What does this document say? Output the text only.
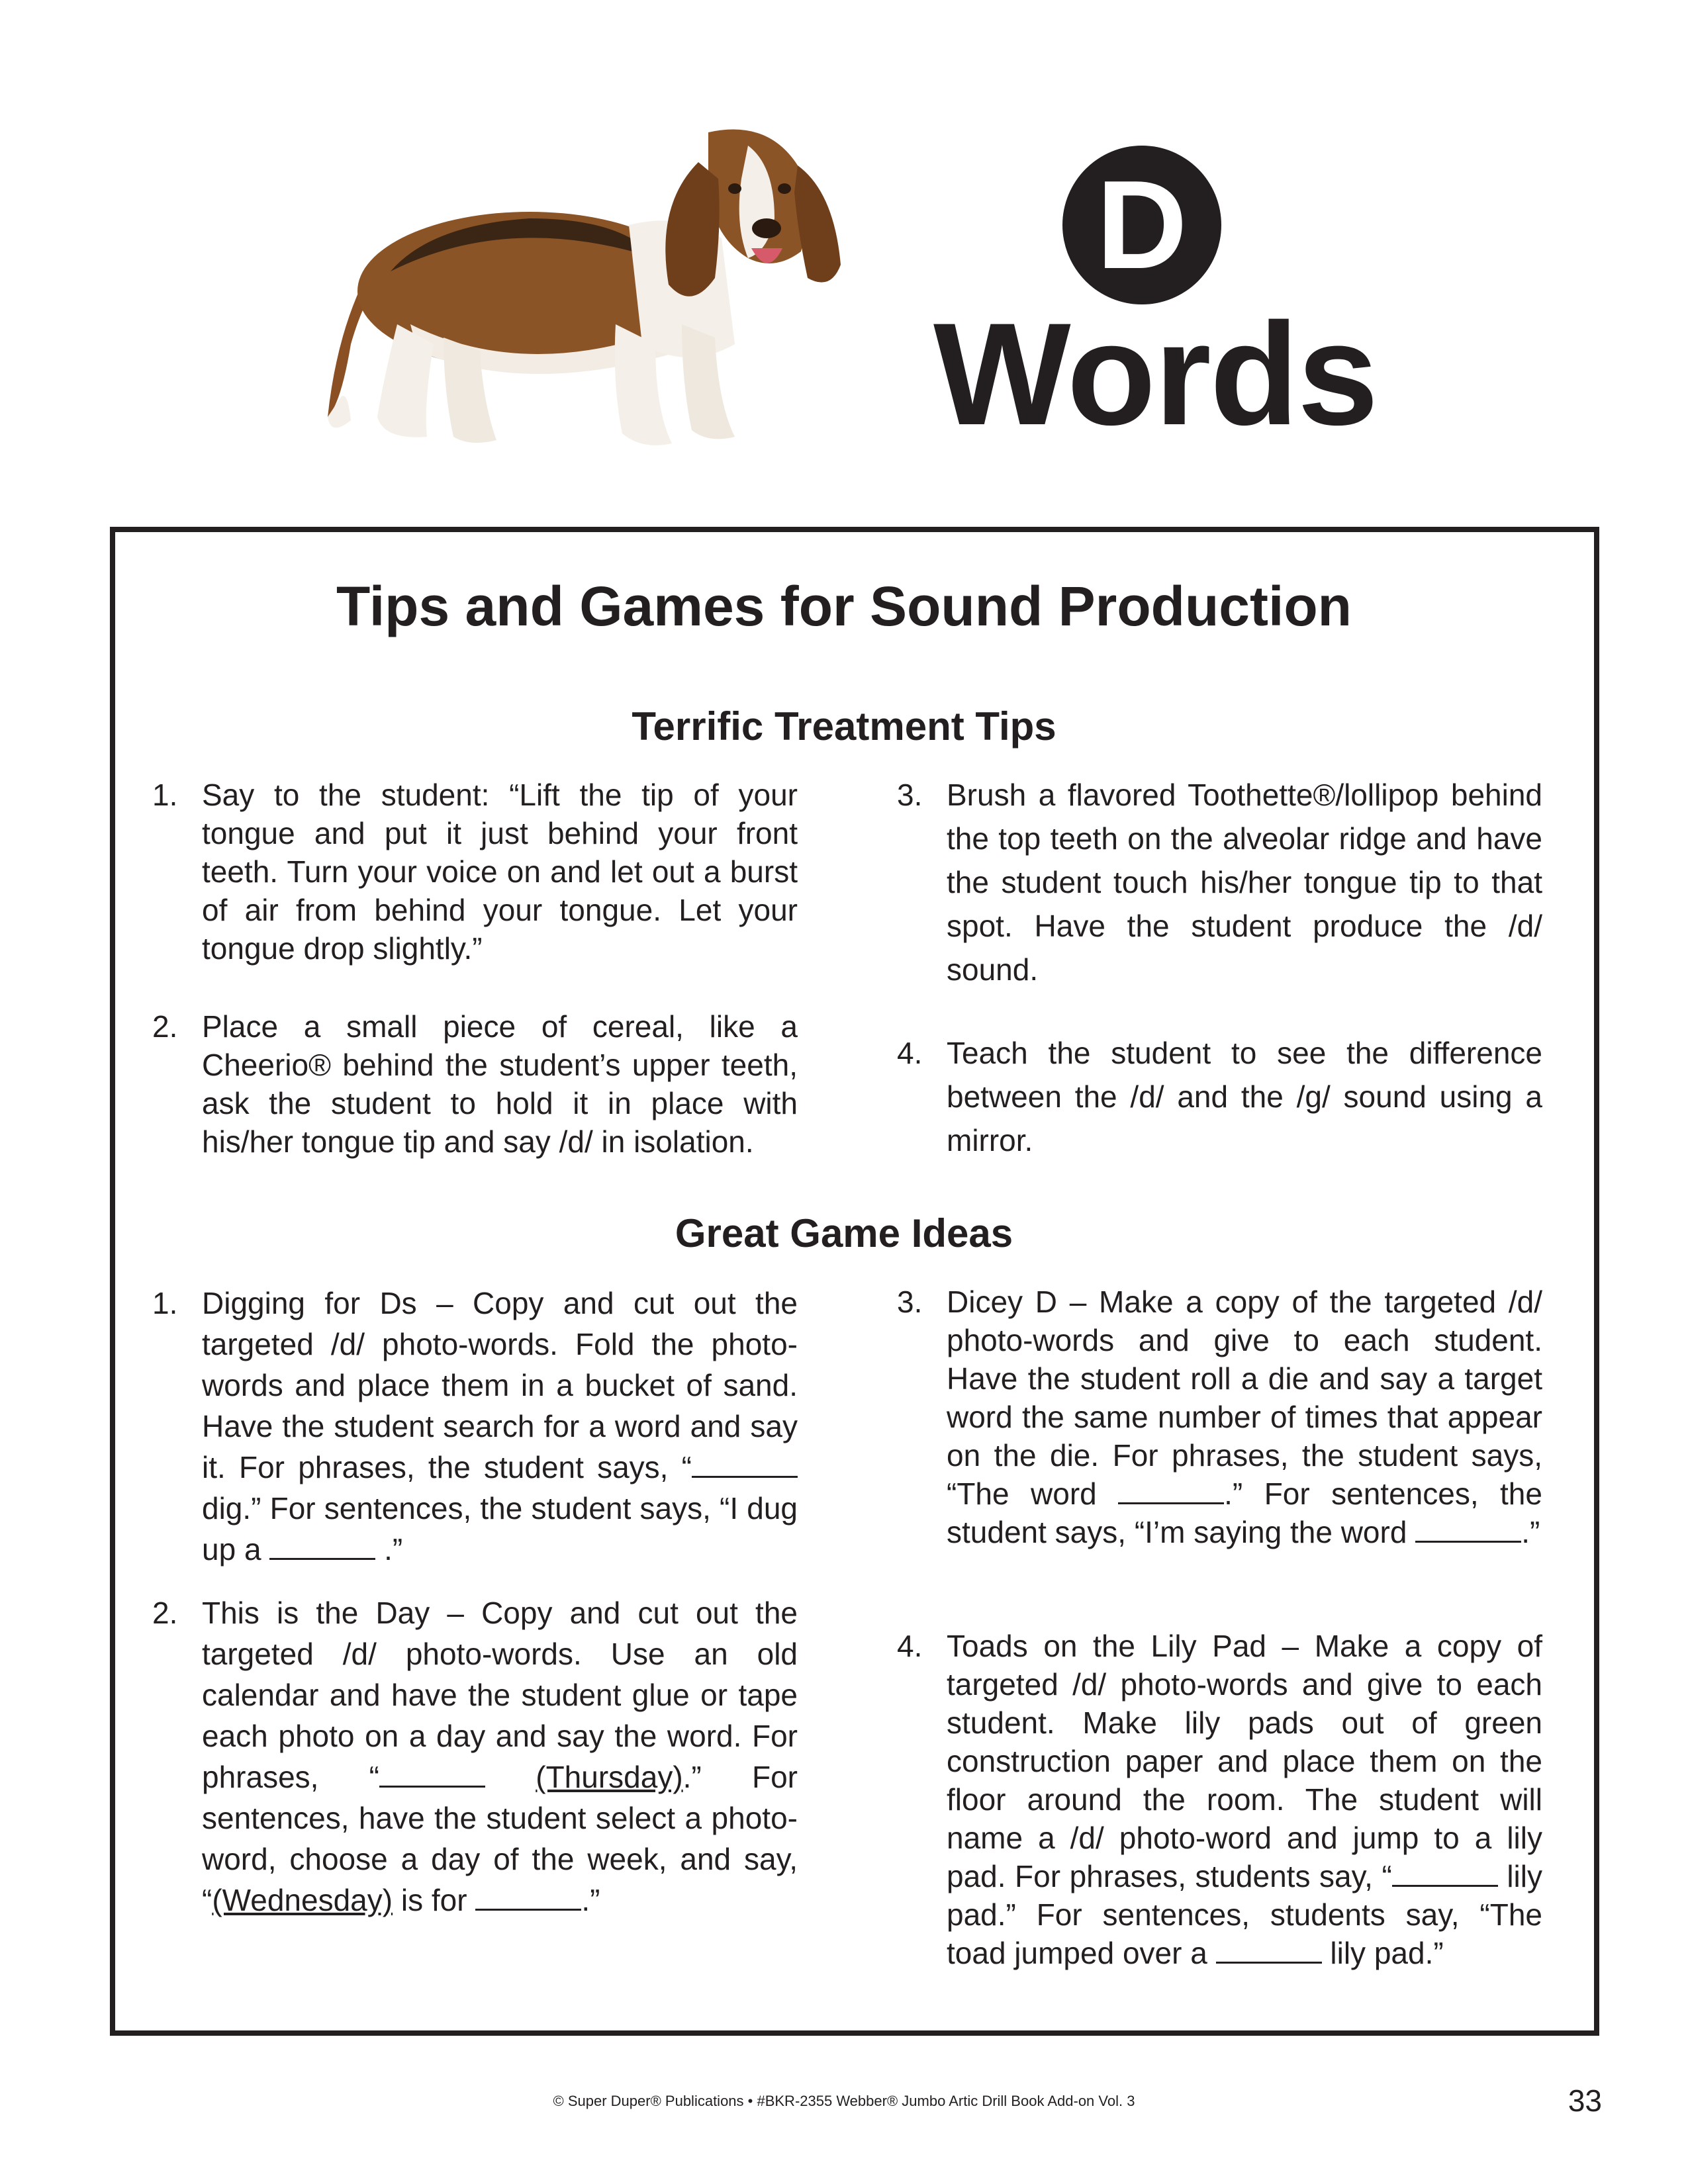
D
Words
Tips and Games for Sound Production
Terrific Treatment Tips
1. Say to the student: “Lift the tip of your tongue and put it just behind your front teeth. Turn your voice on and let out a burst of air from behind your tongue. Let your tongue drop slightly.”

2. Place a small piece of cereal, like a Cheerio® behind the student’s upper teeth, ask the student to hold it in place with his/her tongue tip and say /d/ in isolation.

3. Brush a flavored Toothette®/lollipop behind the top teeth on the alveolar ridge and have the student touch his/her tongue tip to that spot. Have the student produce the /d/ sound.

4. Teach the student to see the difference between the /d/ and the /g/ sound using a mirror.

Great Game Ideas
1. Digging for Ds – Copy and cut out the targeted /d/ photo-words. Fold the photo-words and place them in a bucket of sand. Have the student search for a word and say it. For phrases, the student says, “ dig.” For sentences, the student says, “I dug up a	.”

2. This is the Day – Copy and cut out the targeted /d/ photo-words. Use an old calendar and have the student glue or tape each photo on a day and say the word. For phrases, “	(Thursday).” For sentences, have the student select a photo-word, choose a day of the week, and say, “(Wednesday) is for	.”

3. Dicey D – Make a copy of the targeted /d/ photo-words and give to each student. Have the student roll a die and say a target word the same number of times that appear on the die. For phrases, the student says, “The word	.” For sentences, the student says, “I’m saying the word	.”

4. Toads on the Lily Pad – Make a copy of targeted /d/ photo-words and give to each student. Make lily pads out of green construction paper and place them on the floor around the room. The student will name a /d/ photo-word and jump to a lily pad. For phrases, students say, “	lily pad.” For sentences, students say, “The toad jumped over a	lily pad.”

© Super Duper® Publications • #BKR-2355 Webber® Jumbo Artic Drill Book Add-on Vol. 3	33
